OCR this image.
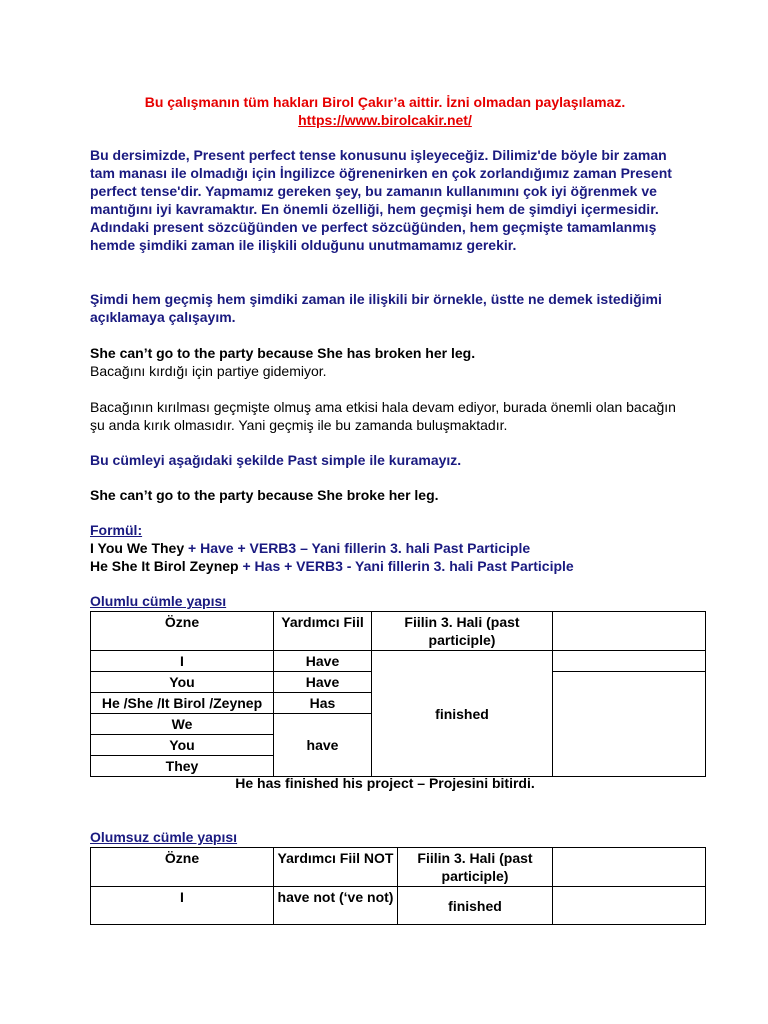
Bu çalışmanın tüm hakları Birol Çakır’a aittir. İzni olmadan paylaşılamaz.
https://www.birolcakir.net/
Bu dersimizde, Present perfect tense konusunu işleyeceğiz. Dilimiz'de böyle bir zaman tam manası ile olmadığı için İngilizce öğrenenirken en çok zorlandığımız zaman Present perfect tense'dir. Yapmamız gereken şey, bu zamanın kullanımını çok iyi öğrenmek ve mantığını iyi kavramaktır. En önemli özelliği, hem geçmişi hem de şimdiyi içermesidir. Adındaki present sözcüğünden ve perfect sözcüğünden, hem geçmişte tamamlanmış hemde şimdiki zaman ile ilişkili olduğunu unutmamamız gerekir.
Şimdi hem geçmiş hem şimdiki zaman ile ilişkili bir örnekle, üstte ne demek istediğimi açıklamaya çalışayım.
She can’t go to the party because She has broken her leg.
Bacağını kırdığı için partiye gidemiyor.
Bacağının kırılması geçmişte olmuş ama etkisi hala devam ediyor, burada önemli olan bacağın şu anda kırık olmasıdır. Yani geçmiş ile bu zamanda buluşmaktadır.
Bu cümleyi aşağıdaki şekilde Past simple ile kuramayız.
She can’t go to the party because She broke her leg.
Formül:
I You We They + Have + VERB3 – Yani fillerin 3. hali Past Participle
He She It Birol Zeynep + Has + VERB3 - Yani fillerin 3. hali Past Participle
Olumlu cümle yapısı
Özne	Yardımcı Fiil	Fiilin 3. Hali (past participle)	
I	Have	finished	
You	Have		
He /She /It Birol /Zeynep	Has		
We	have		
You			
They			
He has finished his project – Projesini bitirdi.
Olumsuz cümle yapısı
Özne	Yardımcı Fiil NOT	Fiilin 3. Hali (past participle)	
I	have not (‘ve not)	finished	
